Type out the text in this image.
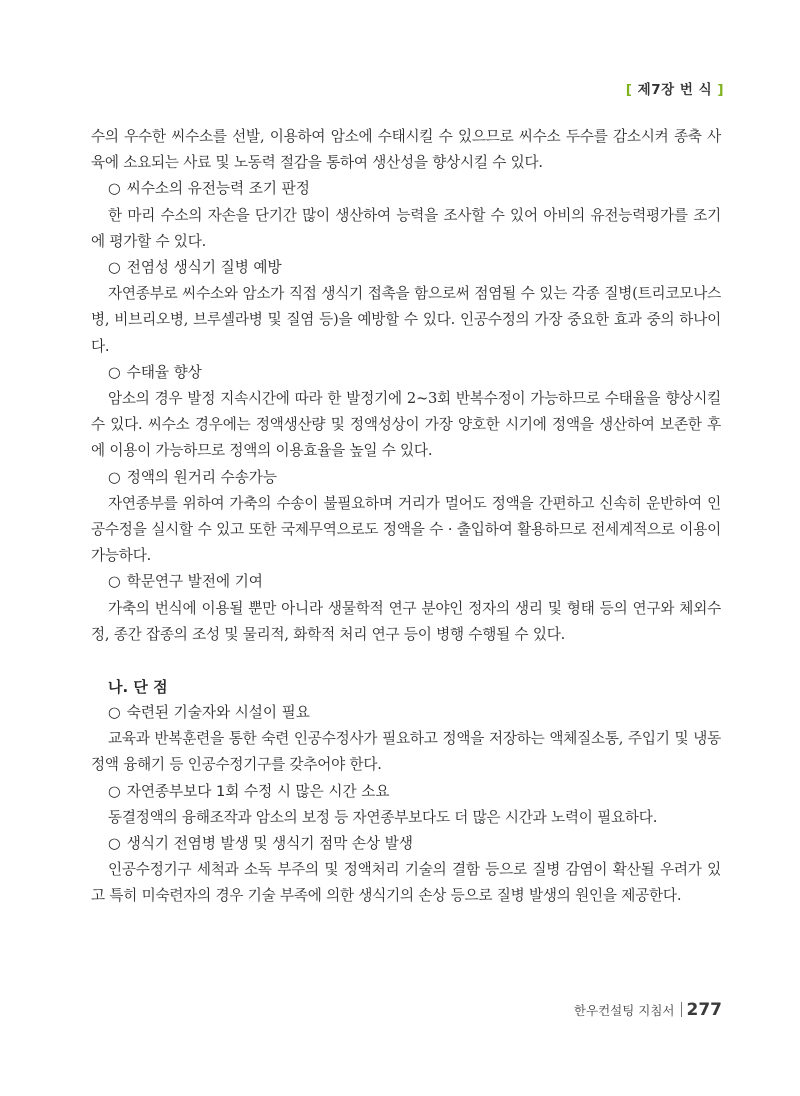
[ 제7장 번 식 ]

수의 우수한 씨수소를 선발, 이용하여 암소에 수태시킬 수 있으므로 씨수소 두수를 감소시켜 종축 사육에 소요되는 사료 및 노동력 절감을 통하여 생산성을 향상시킬 수 있다.

○ 씨수소의 유전능력 조기 판정

한 마리 수소의 자손을 단기간 많이 생산하여 능력을 조사할 수 있어 아비의 유전능력평가를 조기에 평가할 수 있다.

○ 전염성 생식기 질병 예방

자연종부로 씨수소와 암소가 직접 생식기 접촉을 함으로써 점염될 수 있는 각종 질병(트리코모나스병, 비브리오병, 브루셀라병 및 질염 등)을 예방할 수 있다. 인공수정의 가장 중요한 효과 중의 하나이다.

○ 수태율 향상

암소의 경우 발정 지속시간에 따라 한 발정기에 2~3회 반복수정이 가능하므로 수태율을 향상시킬 수 있다. 씨수소 경우에는 정액생산량 및 정액성상이 가장 양호한 시기에 정액을 생산하여 보존한 후에 이용이 가능하므로 정액의 이용효율을 높일 수 있다.

○ 정액의 원거리 수송가능

자연종부를 위하여 가축의 수송이 불필요하며 거리가 멀어도 정액을 간편하고 신속히 운반하여 인공수정을 실시할 수 있고 또한 국제무역으로도 정액을 수 · 출입하여 활용하므로 전세계적으로 이용이 가능하다.

○ 학문연구 발전에 기여

가축의 번식에 이용될 뿐만 아니라 생물학적 연구 분야인 정자의 생리 및 형태 등의 연구와 체외수정, 종간 잡종의 조성 및 물리적, 화학적 처리 연구 등이 병행 수행될 수 있다.

나. 단 점

○ 숙련된 기술자와 시설이 필요

교육과 반복훈련을 통한 숙련 인공수정사가 필요하고 정액을 저장하는 액체질소통, 주입기 및 냉동정액 융해기 등 인공수정기구를 갖추어야 한다.

○ 자연종부보다 1회 수정 시 많은 시간 소요

동결정액의 융해조작과 암소의 보정 등 자연종부보다도 더 많은 시간과 노력이 필요하다.

○ 생식기 전염병 발생 및 생식기 점막 손상 발생

인공수정기구 세척과 소독 부주의 및 정액처리 기술의 결함 등으로 질병 감염이 확산될 우려가 있고 특히 미숙련자의 경우 기술 부족에 의한 생식기의 손상 등으로 질병 발생의 원인을 제공한다.

한우컨설팅 지침서 277
